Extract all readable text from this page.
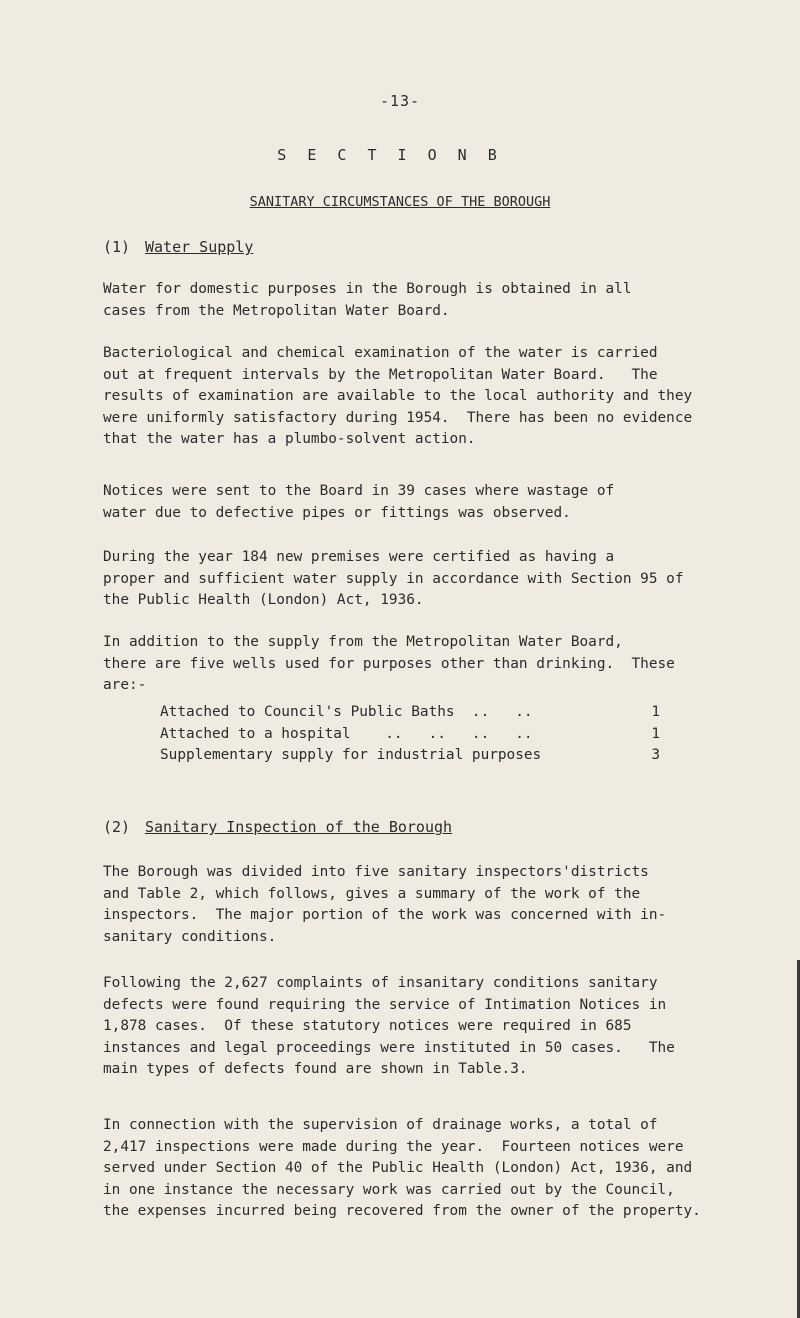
-13-
S E C T I O N B
SANITARY CIRCUMSTANCES OF THE BOROUGH
(1) Water Supply
Water for domestic purposes in the Borough is obtained in all
cases from the Metropolitan Water Board.
Bacteriological and chemical examination of the water is carried
out at frequent intervals by the Metropolitan Water Board.   The
results of examination are available to the local authority and they
were uniformly satisfactory during 1954.  There has been no evidence
that the water has a plumbo-solvent action.
Notices were sent to the Board in 39 cases where wastage of
water due to defective pipes or fittings was observed.
During the year 184 new premises were certified as having a
proper and sufficient water supply in accordance with Section 95 of
the Public Health (London) Act, 1936.
In addition to the supply from the Metropolitan Water Board,
there are five wells used for purposes other than drinking.  These
are:-
Attached to Council's Public Baths  ..   ..	1
Attached to a hospital    ..   ..   ..   ..	1
Supplementary supply for industrial purposes	3
(2) Sanitary Inspection of the Borough
The Borough was divided into five sanitary inspectors'districts
and Table 2, which follows, gives a summary of the work of the
inspectors.  The major portion of the work was concerned with in-
sanitary conditions.
Following the 2,627 complaints of insanitary conditions sanitary
defects were found requiring the service of Intimation Notices in
1,878 cases.  Of these statutory notices were required in 685
instances and legal proceedings were instituted in 50 cases.   The
main types of defects found are shown in Table.3.
In connection with the supervision of drainage works, a total of
2,417 inspections were made during the year.  Fourteen notices were
served under Section 40 of the Public Health (London) Act, 1936, and
in one instance the necessary work was carried out by the Council,
the expenses incurred being recovered from the owner of the property.
